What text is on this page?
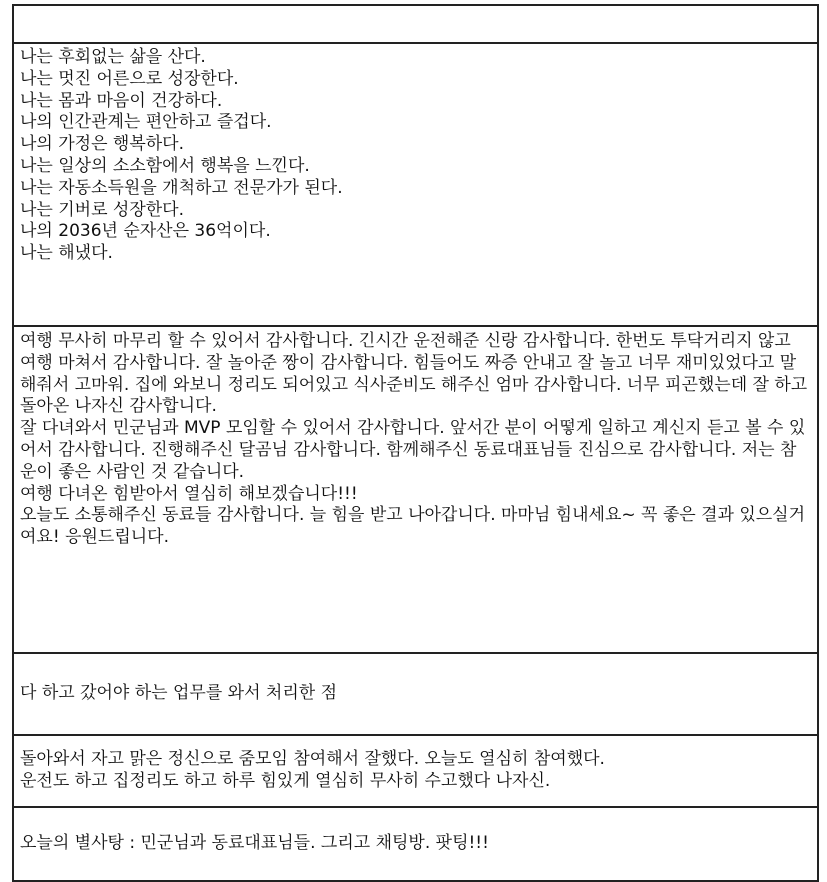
나는 후회없는 삶을 산다.
나는 멋진 어른으로 성장한다.
나는 몸과 마음이 건강하다.
나의 인간관계는 편안하고 즐겁다.
나의 가정은 행복하다.
나는 일상의 소소함에서 행복을 느낀다.
나는 자동소득원을 개척하고 전문가가 된다.
나는 기버로 성장한다.
나의 2036년 순자산은 36억이다.
나는 해냈다.
여행 무사히 마무리 할 수 있어서 감사합니다. 긴시간 운전해준 신랑 감사합니다. 한번도 투닥거리지 않고 여행 마쳐서 감사합니다. 잘 놀아준 짱이 감사합니다. 힘들어도 짜증 안내고 잘 놀고 너무 재미있었다고 말해줘서 고마워. 집에 와보니 정리도 되어있고 식사준비도 해주신 엄마 감사합니다. 너무 피곤했는데 잘 하고 돌아온 나자신 감사합니다.
잘 다녀와서 민군님과 MVP 모임할 수 있어서 감사합니다. 앞서간 분이 어떻게 일하고 계신지 듣고 볼 수 있어서 감사합니다. 진행해주신 달곰님 감사합니다. 함께해주신 동료대표님들 진심으로 감사합니다. 저는 참 운이 좋은 사람인 것 같습니다.
여행 다녀온 힘받아서 열심히 해보겠습니다!!!
오늘도 소통해주신 동료들 감사합니다. 늘 힘을 받고 나아갑니다. 마마님 힘내세요~ 꼭 좋은 결과 있으실거여요! 응원드립니다.
다 하고 갔어야 하는 업무를 와서 처리한 점
돌아와서 자고 맑은 정신으로 줌모임 참여해서 잘했다. 오늘도 열심히 참여했다.
운전도 하고 집정리도 하고 하루 힘있게 열심히 무사히 수고했다 나자신.
오늘의 별사탕 : 민군님과 동료대표님들. 그리고 채팅방. 팟팅!!!
